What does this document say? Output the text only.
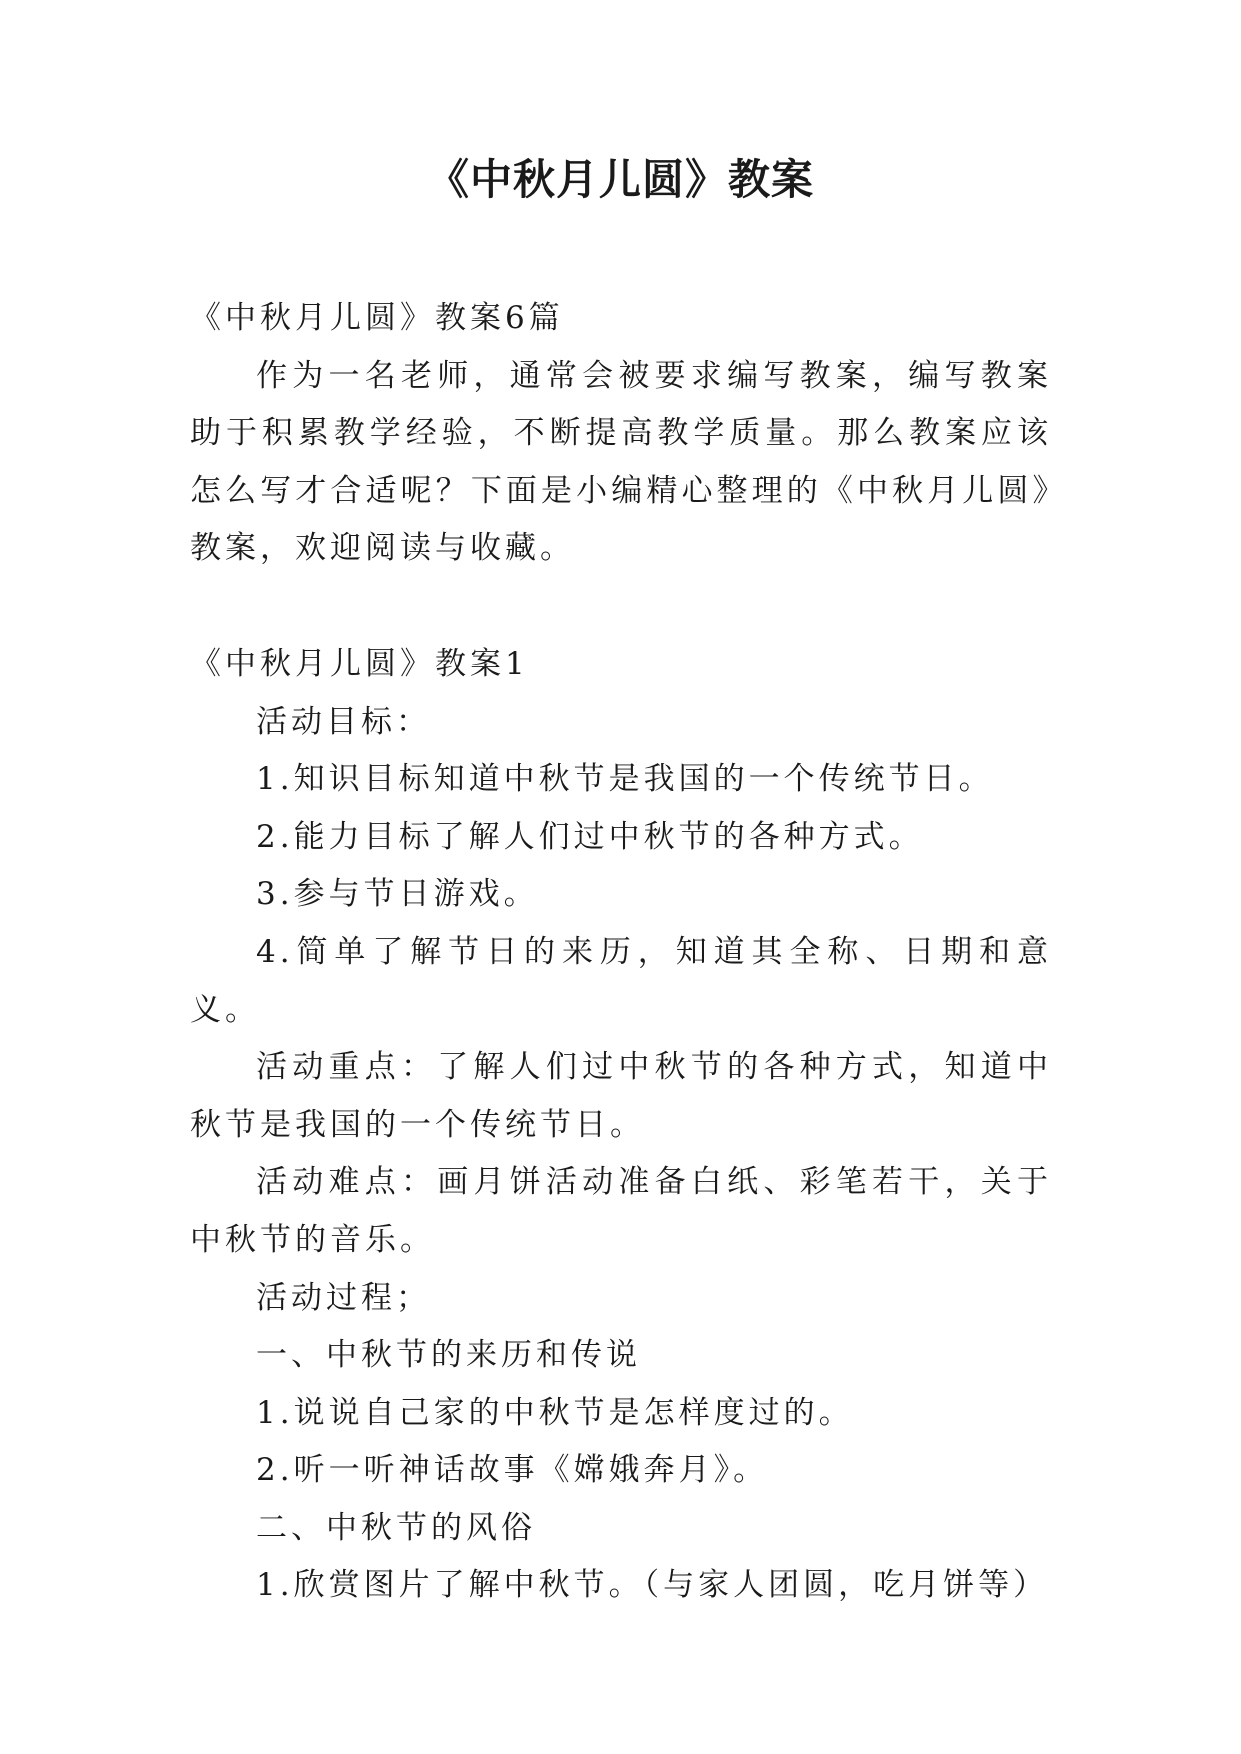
《中秋月儿圆》教案

《中秋月儿圆》教案6篇

作为一名老师，通常会被要求编写教案，编写教案助于积累教学经验，不断提高教学质量。那么教案应该怎么写才合适呢？下面是小编精心整理的《中秋月儿圆》教案，欢迎阅读与收藏。

《中秋月儿圆》教案1

活动目标：

1.知识目标知道中秋节是我国的一个传统节日。

2.能力目标了解人们过中秋节的各种方式。

3.参与节日游戏。

4.简单了解节日的来历，知道其全称、日期和意义。

活动重点：了解人们过中秋节的各种方式，知道中秋节是我国的一个传统节日。

活动难点：画月饼活动准备白纸、彩笔若干，关于中秋节的音乐。

活动过程；

一、中秋节的来历和传说

1.说说自己家的中秋节是怎样度过的。

2.听一听神话故事《嫦娥奔月》。

二、中秋节的风俗

1.欣赏图片了解中秋节。（与家人团圆，吃月饼等）
